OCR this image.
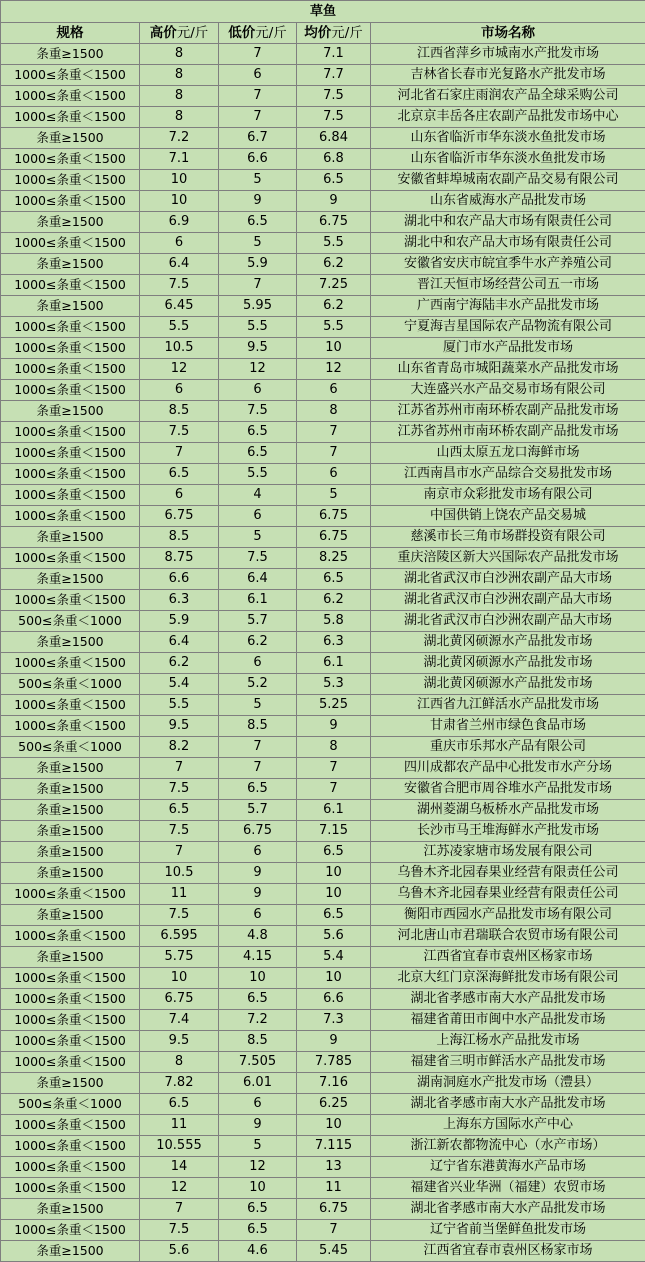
草鱼				
规格	高价元/斤	低价元/斤	均价元/斤	市场名称
条重≥1500	8	7	7.1	江西省萍乡市城南水产批发市场
1000≤条重＜1500	8	6	7.7	吉林省长春市光复路水产批发市场
1000≤条重＜1500	8	7	7.5	河北省石家庄雨润农产品全球采购公司
1000≤条重＜1500	8	7	7.5	北京京丰岳各庄农副产品批发市场中心
条重≥1500	7.2	6.7	6.84	山东省临沂市华东淡水鱼批发市场
1000≤条重＜1500	7.1	6.6	6.8	山东省临沂市华东淡水鱼批发市场
1000≤条重＜1500	10	5	6.5	安徽省蚌埠城南农副产品交易有限公司
1000≤条重＜1500	10	9	9	山东省威海水产品批发市场
条重≥1500	6.9	6.5	6.75	湖北中和农产品大市场有限责任公司
1000≤条重＜1500	6	5	5.5	湖北中和农产品大市场有限责任公司
条重≥1500	6.4	5.9	6.2	安徽省安庆市皖宜季牛水产养殖公司
1000≤条重＜1500	7.5	7	7.25	晋江天恒市场经营公司五一市场
条重≥1500	6.45	5.95	6.2	广西南宁海陆丰水产品批发市场
1000≤条重＜1500	5.5	5.5	5.5	宁夏海吉星国际农产品物流有限公司
1000≤条重＜1500	10.5	9.5	10	厦门市水产品批发市场
1000≤条重＜1500	12	12	12	山东省青岛市城阳蔬菜水产品批发市场
1000≤条重＜1500	6	6	6	大连盛兴水产品交易市场有限公司
条重≥1500	8.5	7.5	8	江苏省苏州市南环桥农副产品批发市场
1000≤条重＜1500	7.5	6.5	7	江苏省苏州市南环桥农副产品批发市场
1000≤条重＜1500	7	6.5	7	山西太原五龙口海鲜市场
1000≤条重＜1500	6.5	5.5	6	江西南昌市水产品综合交易批发市场
1000≤条重＜1500	6	4	5	南京市众彩批发市场有限公司
1000≤条重＜1500	6.75	6	6.75	中国供销上饶农产品交易城
条重≥1500	8.5	5	6.75	慈溪市长三角市场群投资有限公司
1000≤条重＜1500	8.75	7.5	8.25	重庆涪陵区新大兴国际农产品批发市场
条重≥1500	6.6	6.4	6.5	湖北省武汉市白沙洲农副产品大市场
1000≤条重＜1500	6.3	6.1	6.2	湖北省武汉市白沙洲农副产品大市场
500≤条重＜1000	5.9	5.7	5.8	湖北省武汉市白沙洲农副产品大市场
条重≥1500	6.4	6.2	6.3	湖北黄冈硕源水产品批发市场
1000≤条重＜1500	6.2	6	6.1	湖北黄冈硕源水产品批发市场
500≤条重＜1000	5.4	5.2	5.3	湖北黄冈硕源水产品批发市场
1000≤条重＜1500	5.5	5	5.25	江西省九江鲜活水产品批发市场
1000≤条重＜1500	9.5	8.5	9	甘肃省兰州市绿色食品市场
500≤条重＜1000	8.2	7	8	重庆市乐邦水产品有限公司
条重≥1500	7	7	7	四川成都农产品中心批发市水产分场
条重≥1500	7.5	6.5	7	安徽省合肥市周谷堆水产品批发市场
条重≥1500	6.5	5.7	6.1	湖州菱湖乌板桥水产品批发市场
条重≥1500	7.5	6.75	7.15	长沙市马王堆海鲜水产批发市场
条重≥1500	7	6	6.5	江苏凌家塘市场发展有限公司
条重≥1500	10.5	9	10	乌鲁木齐北园春果业经营有限责任公司
1000≤条重＜1500	11	9	10	乌鲁木齐北园春果业经营有限责任公司
条重≥1500	7.5	6	6.5	衡阳市西园水产品批发市场有限公司
1000≤条重＜1500	6.595	4.8	5.6	河北唐山市君瑞联合农贸市场有限公司
条重≥1500	5.75	4.15	5.4	江西省宜春市袁州区杨家市场
1000≤条重＜1500	10	10	10	北京大红门京深海鲜批发市场有限公司
1000≤条重＜1500	6.75	6.5	6.6	湖北省孝感市南大水产品批发市场
1000≤条重＜1500	7.4	7.2	7.3	福建省莆田市闽中水产品批发市场
1000≤条重＜1500	9.5	8.5	9	上海江杨水产品批发市场
1000≤条重＜1500	8	7.505	7.785	福建省三明市鲜活水产品批发市场
条重≥1500	7.82	6.01	7.16	湖南洞庭水产批发市场（澧县）
500≤条重＜1000	6.5	6	6.25	湖北省孝感市南大水产品批发市场
1000≤条重＜1500	11	9	10	上海东方国际水产中心
1000≤条重＜1500	10.555	5	7.115	浙江新农都物流中心（水产市场）
1000≤条重＜1500	14	12	13	辽宁省东港黄海水产品市场
1000≤条重＜1500	12	10	11	福建省兴业华洲（福建）农贸市场
条重≥1500	7	6.5	6.75	湖北省孝感市南大水产品批发市场
1000≤条重＜1500	7.5	6.5	7	辽宁省前当堡鲜鱼批发市场
条重≥1500	5.6	4.6	5.45	江西省宜春市袁州区杨家市场
